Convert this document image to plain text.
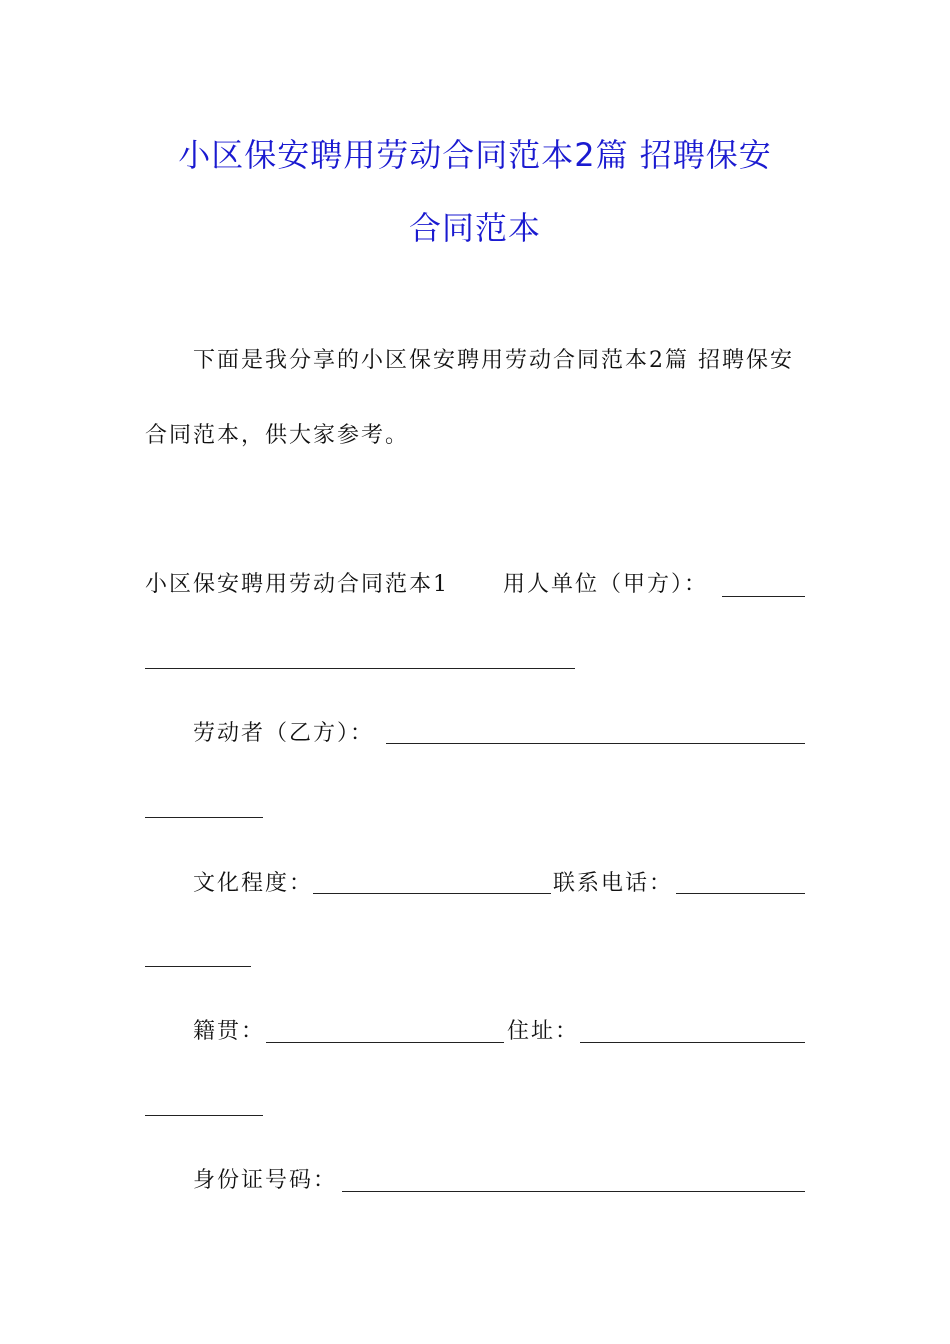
小区保安聘用劳动合同范本2篇 招聘保安
合同范本
下面是我分享的小区保安聘用劳动合同范本2篇 招聘保安
合同范本，供大家参考。
小区保安聘用劳动合同范本1 用人单位（甲方）：
劳动者（乙方）：
文化程度：	联系电话：
籍贯：	住址：
身份证号码：
